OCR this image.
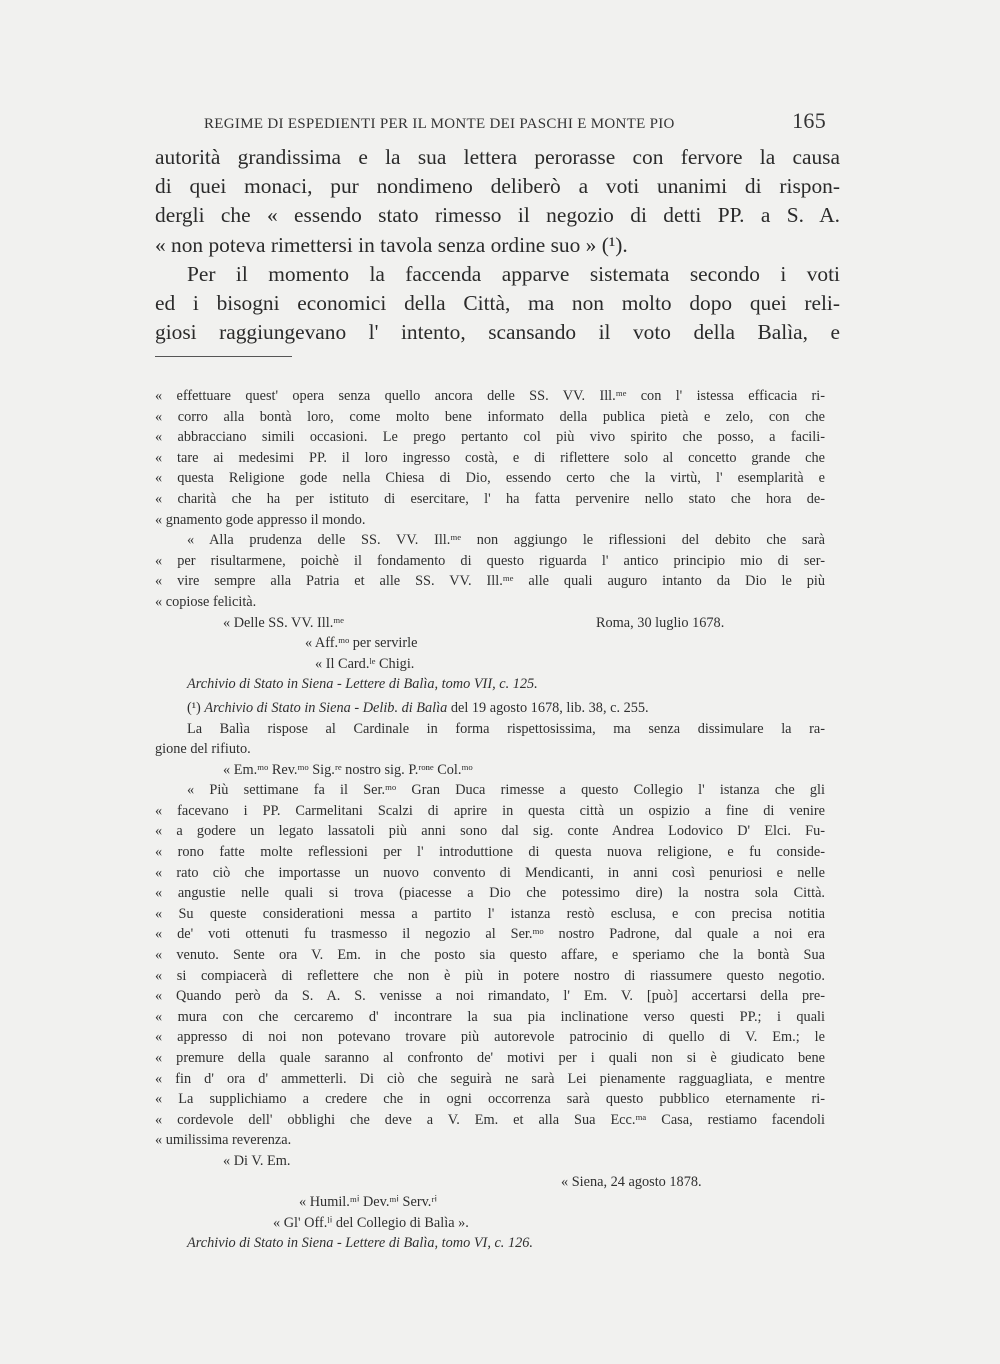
REGIME DI ESPEDIENTI PER IL MONTE DEI PASCHI E MONTE PIO	165
autorità grandissima e la sua lettera perorasse con fervore la causa
di quei monaci, pur nondimeno deliberò a voti unanimi di rispon-
dergli che « essendo stato rimesso il negozio di detti PP. a S. A.
« non poteva rimettersi in tavola senza ordine suo » (¹).
Per il momento la faccenda apparve sistemata secondo i voti
ed i bisogni economici della Città, ma non molto dopo quei reli-
giosi raggiungevano l' intento, scansando il voto della Balìa, e
« effettuare quest' opera senza quello ancora delle SS. VV. Ill.ᵐᵉ con l' istessa efficacia ri-
« corro alla bontà loro, come molto bene informato della publica pietà e zelo, con che
« abbracciano simili occasioni. Le prego pertanto col più vivo spirito che posso, a facili-
« tare ai medesimi PP. il loro ingresso costà, e di riflettere solo al concetto grande che
« questa Religione gode nella Chiesa di Dio, essendo certo che la virtù, l' esemplarità e
« charità che ha per istituto di esercitare, l' ha fatta pervenire nello stato che hora de-
« gnamento gode appresso il mondo.
« Alla prudenza delle SS. VV. Ill.ᵐᵉ non aggiungo le riflessioni del debito che sarà
« per risultarmene, poichè il fondamento di questo riguarda l' antico principio mio di ser-
« vire sempre alla Patria et alle SS. VV. Ill.ᵐᵉ alle quali auguro intanto da Dio le più
« copiose felicità.
« Delle SS. VV. Ill.ᵐᵉ	Roma, 30 luglio 1678.
« Aff.ᵐᵒ per servirle
« Il Card.ˡᵉ Chigi.
Archivio di Stato in Siena - Lettere di Balìa, tomo VII, c. 125.
(¹) Archivio di Stato in Siena - Delib. di Balìa del 19 agosto 1678, lib. 38, c. 255.
La Balìa rispose al Cardinale in forma rispettosissima, ma senza dissimulare la ra-
gione del rifiuto.
« Em.ᵐᵒ Rev.ᵐᵒ Sig.ʳᵉ nostro sig. P.ʳᵒⁿᵉ Col.ᵐᵒ
« Più settimane fa il Ser.ᵐᵒ Gran Duca rimesse a questo Collegio l' istanza che gli
« facevano i PP. Carmelitani Scalzi di aprire in questa città un ospizio a fine di venire
« a godere un legato lassatoli più anni sono dal sig. conte Andrea Lodovico D' Elci. Fu-
« rono fatte molte reflessioni per l' introduttione di questa nuova religione, e fu conside-
« rato ciò che importasse un nuovo convento di Mendicanti, in anni così penuriosi e nelle
« angustie nelle quali si trova (piacesse a Dio che potessimo dire) la nostra sola Città.
« Su queste considerationi messa a partito l' istanza restò esclusa, e con precisa notitia
« de' voti ottenuti fu trasmesso il negozio al Ser.ᵐᵒ nostro Padrone, dal quale a noi era
« venuto. Sente ora V. Em. in che posto sia questo affare, e speriamo che la bontà Sua
« si compiacerà di reflettere che non è più in potere nostro di riassumere questo negotio.
« Quando però da S. A. S. venisse a noi rimandato, l' Em. V. [può] accertarsi della pre-
« mura con che cercaremo d' incontrare la sua pia inclinatione verso questi PP.; i quali
« appresso di noi non potevano trovare più autorevole patrocinio di quello di V. Em.; le
« premure della quale saranno al confronto de' motivi per i quali non si è giudicato bene
« fin d' ora d' ammetterli. Di ciò che seguirà ne sarà Lei pienamente ragguagliata, e mentre
« La supplichiamo a credere che in ogni occorrenza sarà questo pubblico eternamente ri-
« cordevole dell' obblighi che deve a V. Em. et alla Sua Ecc.ᵐᵃ Casa, restiamo facendoli
« umilissima reverenza.
« Di V. Em.
« Siena, 24 agosto 1878.
« Humil.ᵐⁱ Dev.ᵐⁱ Serv.ʳⁱ
« Gl' Off.ˡⁱ del Collegio di Balìa ».
Archivio di Stato in Siena - Lettere di Balìa, tomo VI, c. 126.
